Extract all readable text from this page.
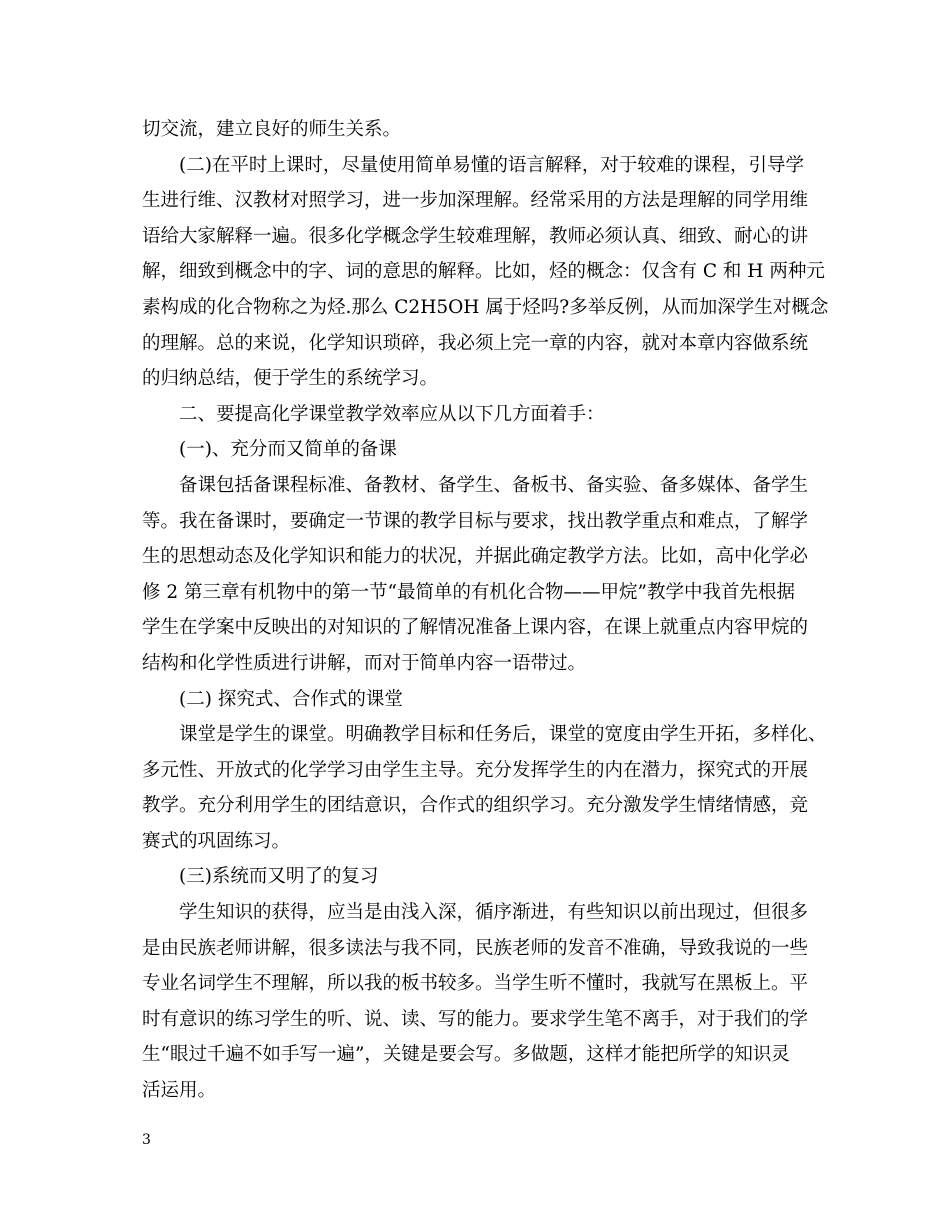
切交流，建立良好的师生关系。
(二)在平时上课时，尽量使用简单易懂的语言解释，对于较难的课程，引导学
生进行维、汉教材对照学习，进一步加深理解。经常采用的方法是理解的同学用维
语给大家解释一遍。很多化学概念学生较难理解，教师必须认真、细致、耐心的讲
解，细致到概念中的字、词的意思的解释。比如，烃的概念：仅含有 C 和 H 两种元
素构成的化合物称之为烃.那么 C2H5OH 属于烃吗?多举反例，从而加深学生对概念
的理解。总的来说，化学知识琐碎，我必须上完一章的内容，就对本章内容做系统
的归纳总结，便于学生的系统学习。
二、要提高化学课堂教学效率应从以下几方面着手：
(一)、充分而又简单的备课
备课包括备课程标准、备教材、备学生、备板书、备实验、备多媒体、备学生
等。我在备课时，要确定一节课的教学目标与要求，找出教学重点和难点，了解学
生的思想动态及化学知识和能力的状况，并据此确定教学方法。比如，高中化学必
修 2 第三章有机物中的第一节“最简单的有机化合物——甲烷”教学中我首先根据
学生在学案中反映出的对知识的了解情况准备上课内容，在课上就重点内容甲烷的
结构和化学性质进行讲解，而对于简单内容一语带过。
(二) 探究式、合作式的课堂
课堂是学生的课堂。明确教学目标和任务后，课堂的宽度由学生开拓，多样化、
多元性、开放式的化学学习由学生主导。充分发挥学生的内在潜力，探究式的开展
教学。充分利用学生的团结意识，合作式的组织学习。充分激发学生情绪情感，竞
赛式的巩固练习。
(三)系统而又明了的复习
学生知识的获得，应当是由浅入深，循序渐进，有些知识以前出现过，但很多
是由民族老师讲解，很多读法与我不同，民族老师的发音不准确，导致我说的一些
专业名词学生不理解，所以我的板书较多。当学生听不懂时，我就写在黑板上。平
时有意识的练习学生的听、说、读、写的能力。要求学生笔不离手，对于我们的学
生“眼过千遍不如手写一遍”，关键是要会写。多做题，这样才能把所学的知识灵
活运用。
3
